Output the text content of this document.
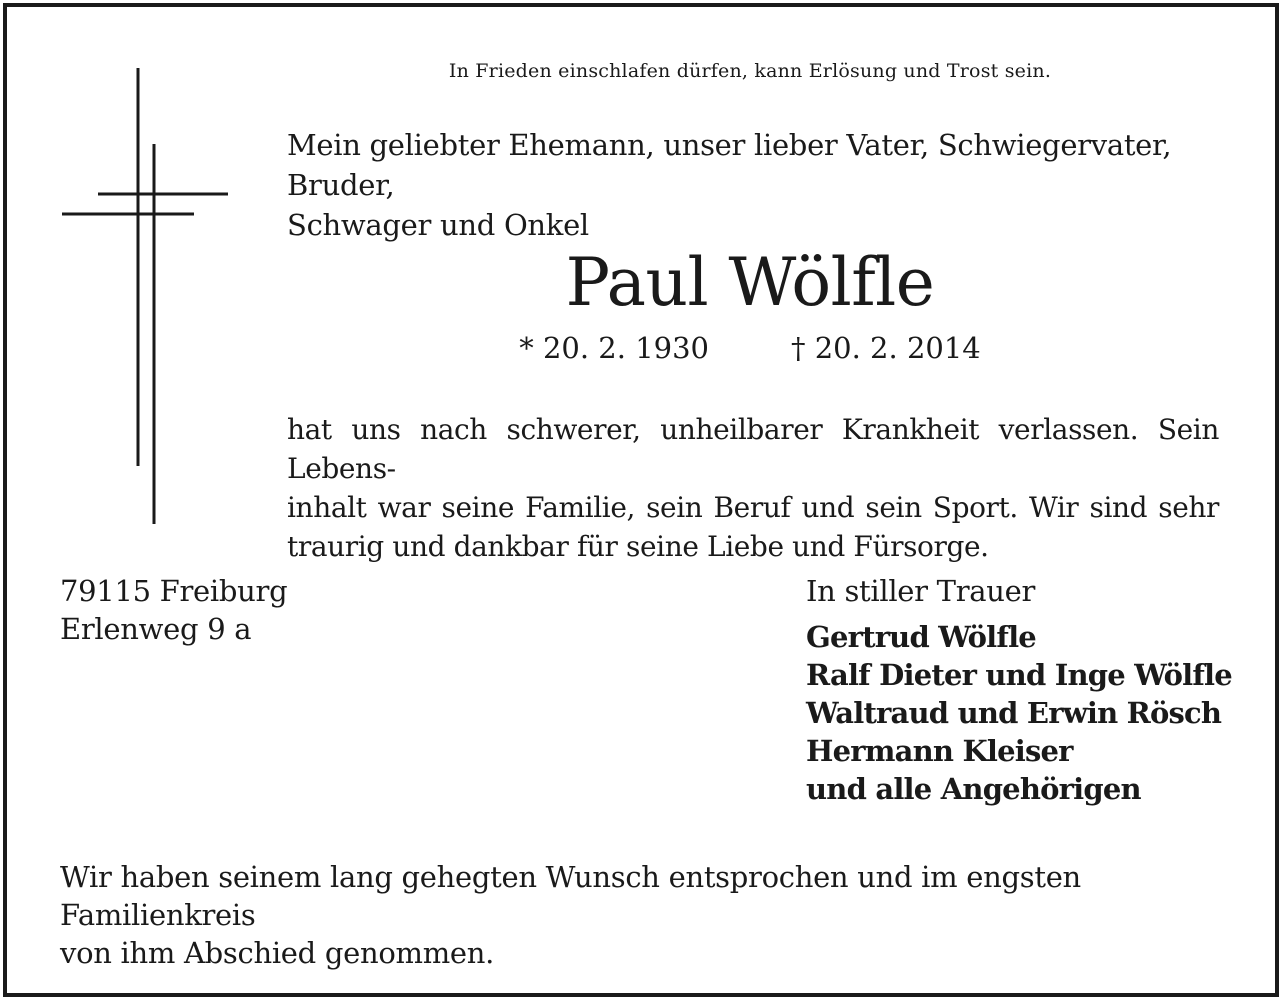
In Frieden einschlafen dürfen, kann Erlösung und Trost sein.
Mein geliebter Ehemann, unser lieber Vater, Schwiegervater, Bruder,
Schwager und Onkel
Paul Wölfle
* 20. 2. 1930	† 20. 2. 2014
hat uns nach schwerer, unheilbarer Krankheit verlassen. Sein Lebens-
inhalt war seine Familie, sein Beruf und sein Sport. Wir sind sehr
traurig und dankbar für seine Liebe und Fürsorge.
79115 Freiburg
Erlenweg 9 a
In stiller Trauer
Gertrud Wölfle
Ralf Dieter und Inge Wölfle
Waltraud und Erwin Rösch
Hermann Kleiser
und alle Angehörigen
Wir haben seinem lang gehegten Wunsch entsprochen und im engsten Familienkreis
von ihm Abschied genommen.
